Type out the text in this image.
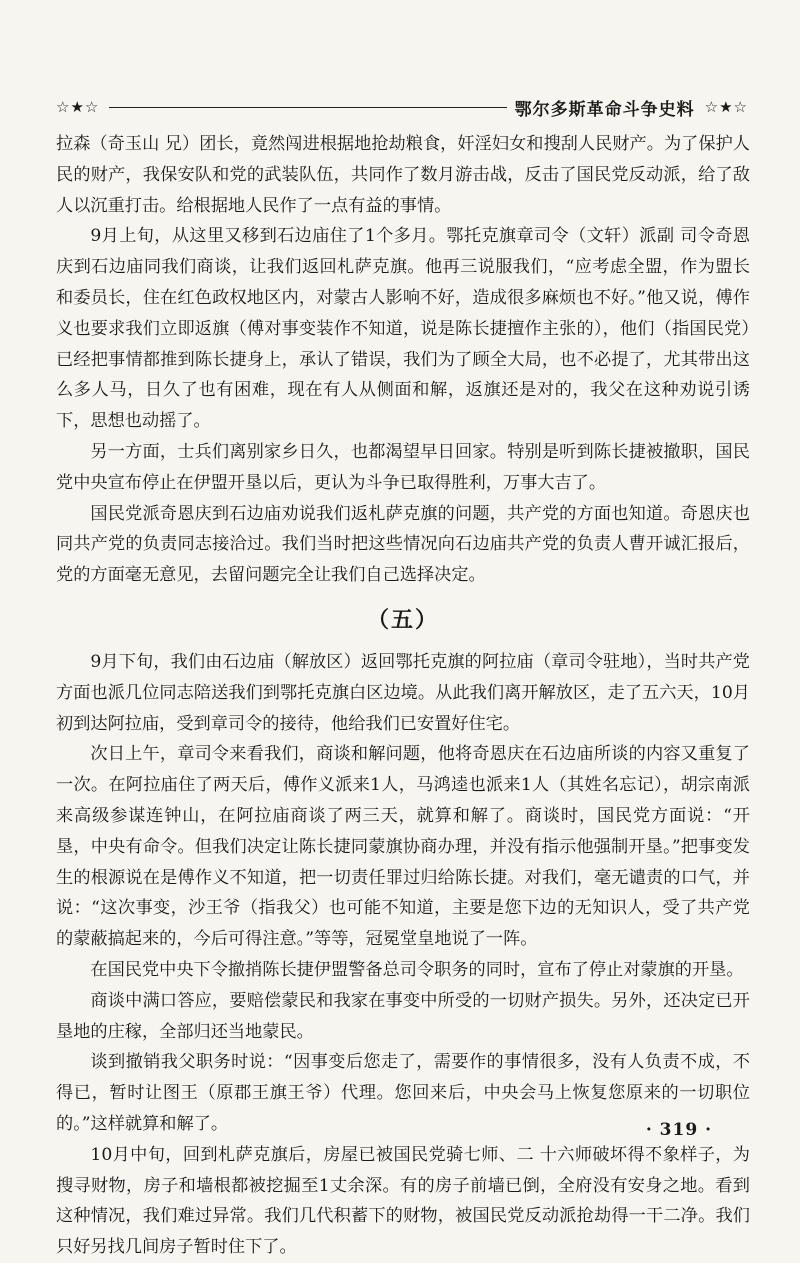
☆★☆	鄂尔多斯革命斗争史料 ☆★☆

拉森（奇玉山 兄）团长，竟然闯进根据地抢劫粮食，奸淫妇女和搜刮人民财产。为了保护人民的财产，我保安队和党的武装队伍，共同作了数月游击战，反击了国民党反动派，给了敌人以沉重打击。给根据地人民作了一点有益的事情。

9月上旬，从这里又移到石边庙住了1个多月。鄂托克旗章司令（文轩）派副 司令奇恩庆到石边庙同我们商谈，让我们返回札萨克旗。他再三说服我们，“应考虑全盟，作为盟长和委员长，住在红色政权地区内，对蒙古人影响不好，造成很多麻烦也不好。”他又说，傅作义也要求我们立即返旗（傅对事变装作不知道，说是陈长捷擅作主张的），他们（指国民党）已经把事情都推到陈长捷身上，承认了错误，我们为了顾全大局，也不必提了，尤其带出这么多人马，日久了也有困难，现在有人从侧面和解，返旗还是对的，我父在这种劝说引诱下，思想也动摇了。

另一方面，士兵们离别家乡日久，也都渴望早日回家。特别是听到陈长捷被撤职，国民党中央宣布停止在伊盟开垦以后，更认为斗争已取得胜利，万事大吉了。

国民党派奇恩庆到石边庙劝说我们返札萨克旗的问题，共产党的方面也知道。奇恩庆也同共产党的负责同志接洽过。我们当时把这些情况向石边庙共产党的负责人曹开诚汇报后，党的方面毫无意见，去留问题完全让我们自己选择决定。

（五）

9月下旬，我们由石边庙（解放区）返回鄂托克旗的阿拉庙（章司令驻地），当时共产党方面也派几位同志陪送我们到鄂托克旗白区边境。从此我们离开解放区，走了五六天，10月初到达阿拉庙，受到章司令的接待，他给我们已安置好住宅。

次日上午，章司令来看我们，商谈和解问题，他将奇恩庆在石边庙所谈的内容又重复了一次。在阿拉庙住了两天后，傅作义派来1人，马鸿逵也派来1人（其姓名忘记），胡宗南派来高级参谋连钟山，在阿拉庙商谈了两三天，就算和解了。商谈时，国民党方面说：“开垦，中央有命令。但我们决定让陈长捷同蒙旗协商办理，并没有指示他强制开垦。”把事变发生的根源说在是傅作义不知道，把一切责任罪过归给陈长捷。对我们，毫无谴责的口气，并说：“这次事变，沙王爷（指我父）也可能不知道，主要是您下边的无知识人，受了共产党的蒙蔽搞起来的，今后可得注意。”等等，冠冕堂皇地说了一阵。

在国民党中央下令撤捎陈长捷伊盟警备总司令职务的同时，宣布了停止对蒙旗的开垦。

商谈中满口答应，要赔偿蒙民和我家在事变中所受的一切财产损失。另外，还决定已开垦地的庄稼，全部归还当地蒙民。

谈到撤销我父职务时说：“因事变后您走了，需要作的事情很多，没有人负责不成，不得已，暂时让图王（原郡王旗王爷）代理。您回来后，中央会马上恢复您原来的一切职位的。”这样就算和解了。

10月中旬，回到札萨克旗后，房屋已被国民党骑七师、二 十六师破坏得不象样子，为搜寻财物，房子和墙根都被挖掘至1丈余深。有的房子前墙已倒，全府没有安身之地。看到这种情况，我们难过异常。我们几代积蓄下的财物，被国民党反动派抢劫得一干二净。我们只好另找几间房子暂时住下了。

· 319 ·
